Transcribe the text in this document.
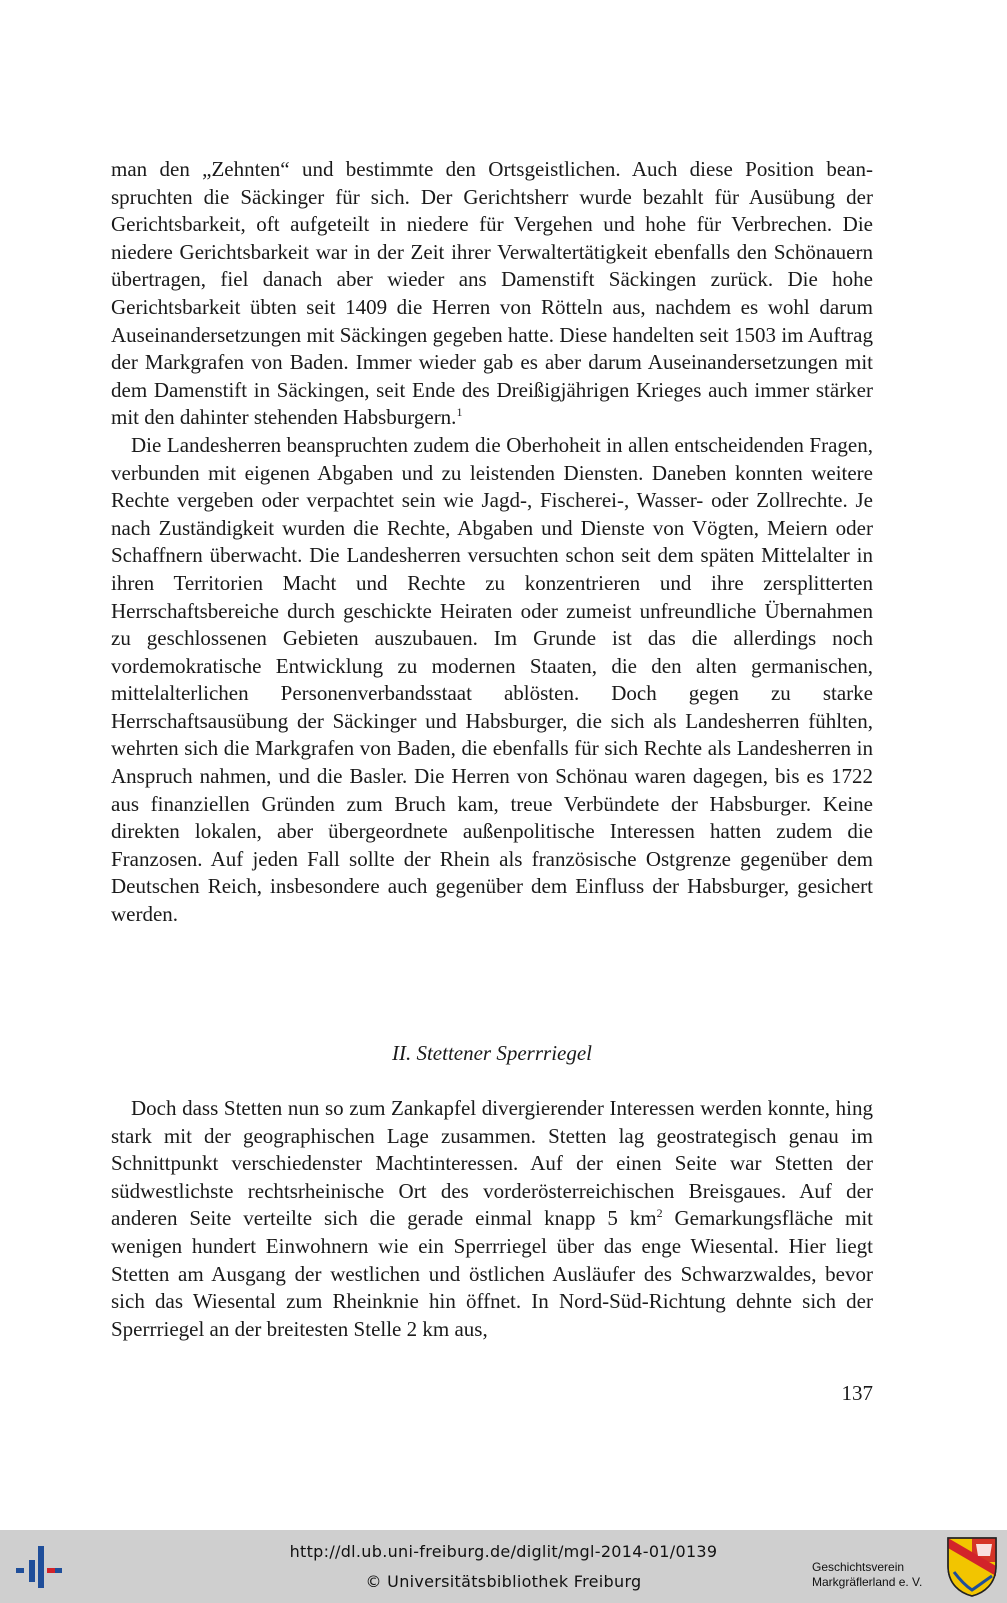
man den „Zehnten“ und bestimmte den Ortsgeistlichen. Auch diese Position beanspruchten die Säckinger für sich. Der Gerichtsherr wurde bezahlt für Ausübung der Gerichtsbarkeit, oft aufgeteilt in niedere für Vergehen und hohe für Verbrechen. Die niedere Gerichtsbarkeit war in der Zeit ihrer Verwaltertätigkeit ebenfalls den Schönauern übertragen, fiel danach aber wieder ans Damenstift Säckingen zurück. Die hohe Gerichtsbarkeit übten seit 1409 die Herren von Rötteln aus, nachdem es wohl darum Auseinandersetzungen mit Säckingen gegeben hatte. Diese handelten seit 1503 im Auftrag der Markgrafen von Baden. Immer wieder gab es aber darum Auseinandersetzungen mit dem Damenstift in Säckingen, seit Ende des Dreißigjährigen Krieges auch immer stärker mit den dahinter stehenden Habsburgern.$^1$

Die Landesherren beanspruchten zudem die Oberhoheit in allen entscheidenden Fragen, verbunden mit eigenen Abgaben und zu leistenden Diensten. Daneben konnten weitere Rechte vergeben oder verpachtet sein wie Jagd-, Fischerei-, Wasser- oder Zollrechte. Je nach Zuständigkeit wurden die Rechte, Abgaben und Dienste von Vögten, Meiern oder Schaffnern überwacht. Die Landesherren versuchten schon seit dem späten Mittelalter in ihren Territorien Macht und Rechte zu konzentrieren und ihre zersplitterten Herrschaftsbereiche durch geschickte Heiraten oder zumeist unfreundliche Übernahmen zu geschlossenen Gebieten auszubauen. Im Grunde ist das die allerdings noch vordemokratische Entwicklung zu modernen Staaten, die den alten germanischen, mittelalterlichen Personenverbandsstaat ablösten. Doch gegen zu starke Herrschaftsausübung der Säckinger und Habsburger, die sich als Landesherren fühlten, wehrten sich die Markgrafen von Baden, die ebenfalls für sich Rechte als Landesherren in Anspruch nahmen, und die Basler. Die Herren von Schönau waren dagegen, bis es 1722 aus finanziellen Gründen zum Bruch kam, treue Verbündete der Habsburger. Keine direkten lokalen, aber übergeordnete außenpolitische Interessen hatten zudem die Franzosen. Auf jeden Fall sollte der Rhein als französische Ostgrenze gegenüber dem Deutschen Reich, insbesondere auch gegenüber dem Einfluss der Habsburger, gesichert werden.

II. Stettener Sperrriegel

Doch dass Stetten nun so zum Zankapfel divergierender Interessen werden konnte, hing stark mit der geographischen Lage zusammen. Stetten lag geostrategisch genau im Schnittpunkt verschiedenster Machtinteressen. Auf der einen Seite war Stetten der südwestlichste rechtsrheinische Ort des vorderösterreichischen Breisgaues. Auf der anderen Seite verteilte sich die gerade einmal knapp 5 $km^2$ Gemarkungsfläche mit wenigen hundert Einwohnern wie ein Sperrriegel über das enge Wiesental. Hier liegt Stetten am Ausgang der westlichen und östlichen Ausläufer des Schwarzwaldes, bevor sich das Wiesental zum Rheinknie hin öffnet. In Nord-Süd-Richtung dehnte sich der Sperrriegel an der breitesten Stelle 2 km aus,

137
http://dl.ub.uni-freiburg.de/diglit/mgl-2014-01/0139
© Universitätsbibliothek Freiburg
Geschichtsverein
Markgräflerland e. V.
